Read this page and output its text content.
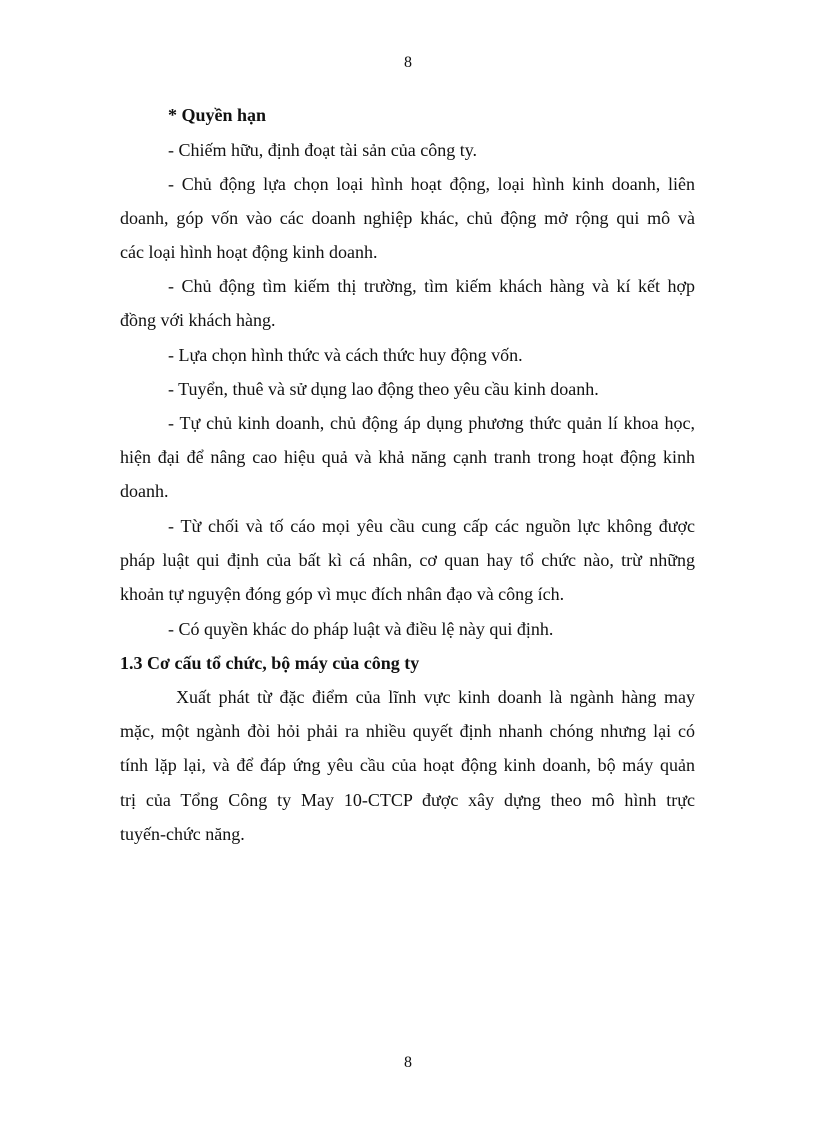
8
* Quyền hạn
- Chiếm hữu, định đoạt tài sản của công ty.
- Chủ động lựa chọn loại hình hoạt động, loại hình kinh doanh, liên
doanh, góp vốn vào các doanh nghiệp khác, chủ động mở rộng qui mô và
các loại hình hoạt động kinh doanh.
- Chủ động tìm kiếm thị trường, tìm kiếm khách hàng và kí kết hợp
đồng với khách hàng.
- Lựa chọn hình thức và cách thức huy động vốn.
- Tuyển, thuê và sử dụng lao động theo yêu cầu kinh doanh.
- Tự chủ kinh doanh, chủ động áp dụng phương thức quản lí khoa học,
hiện đại để nâng cao hiệu quả và khả năng cạnh tranh trong hoạt động kinh
doanh.
- Từ chối và tố cáo mọi yêu cầu cung cấp các nguồn lực không được
pháp luật qui định của bất kì cá nhân, cơ quan hay tổ chức nào, trừ những
khoản tự nguyện đóng góp vì mục đích nhân đạo và công ích.
- Có quyền khác do pháp luật và điều lệ này qui định.
1.3 Cơ cấu tổ chức, bộ máy của công ty
Xuất phát từ đặc điểm của lĩnh vực kinh doanh là ngành hàng may
mặc, một ngành đòi hỏi phải ra nhiều quyết định nhanh chóng nhưng lại có
tính lặp lại, và để đáp ứng yêu cầu của hoạt động kinh doanh, bộ máy quản
trị của Tổng Công ty May 10-CTCP được xây dựng theo mô hình trực
tuyến-chức năng.
8
